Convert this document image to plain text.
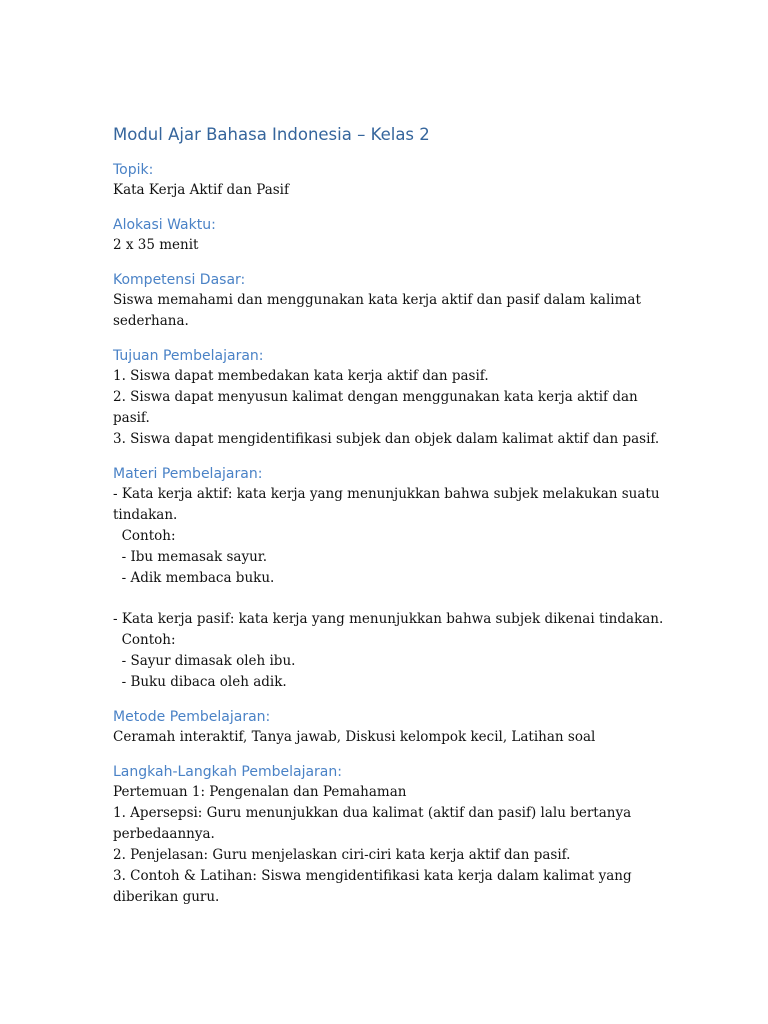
Modul Ajar Bahasa Indonesia – Kelas 2
Topik:

Kata Kerja Aktif dan Pasif

Alokasi Waktu:

2 x 35 menit

Kompetensi Dasar:

Siswa memahami dan menggunakan kata kerja aktif dan pasif dalam kalimat

sederhana.

Tujuan Pembelajaran:

1. Siswa dapat membedakan kata kerja aktif dan pasif.

2. Siswa dapat menyusun kalimat dengan menggunakan kata kerja aktif dan pasif.

3. Siswa dapat mengidentifikasi subjek dan objek dalam kalimat aktif dan pasif.

Materi Pembelajaran:

- Kata kerja aktif: kata kerja yang menunjukkan bahwa subjek melakukan suatu

tindakan.

Contoh:

- Ibu memasak sayur.

- Adik membaca buku.

- Kata kerja pasif: kata kerja yang menunjukkan bahwa subjek dikenai tindakan.

Contoh:

- Sayur dimasak oleh ibu.

- Buku dibaca oleh adik.

Metode Pembelajaran:

Ceramah interaktif, Tanya jawab, Diskusi kelompok kecil, Latihan soal

Langkah-Langkah Pembelajaran:

Pertemuan 1: Pengenalan dan Pemahaman

1. Apersepsi: Guru menunjukkan dua kalimat (aktif dan pasif) lalu bertanya

perbedaannya.

2. Penjelasan: Guru menjelaskan ciri-ciri kata kerja aktif dan pasif.

3. Contoh & Latihan: Siswa mengidentifikasi kata kerja dalam kalimat yang

diberikan guru.
